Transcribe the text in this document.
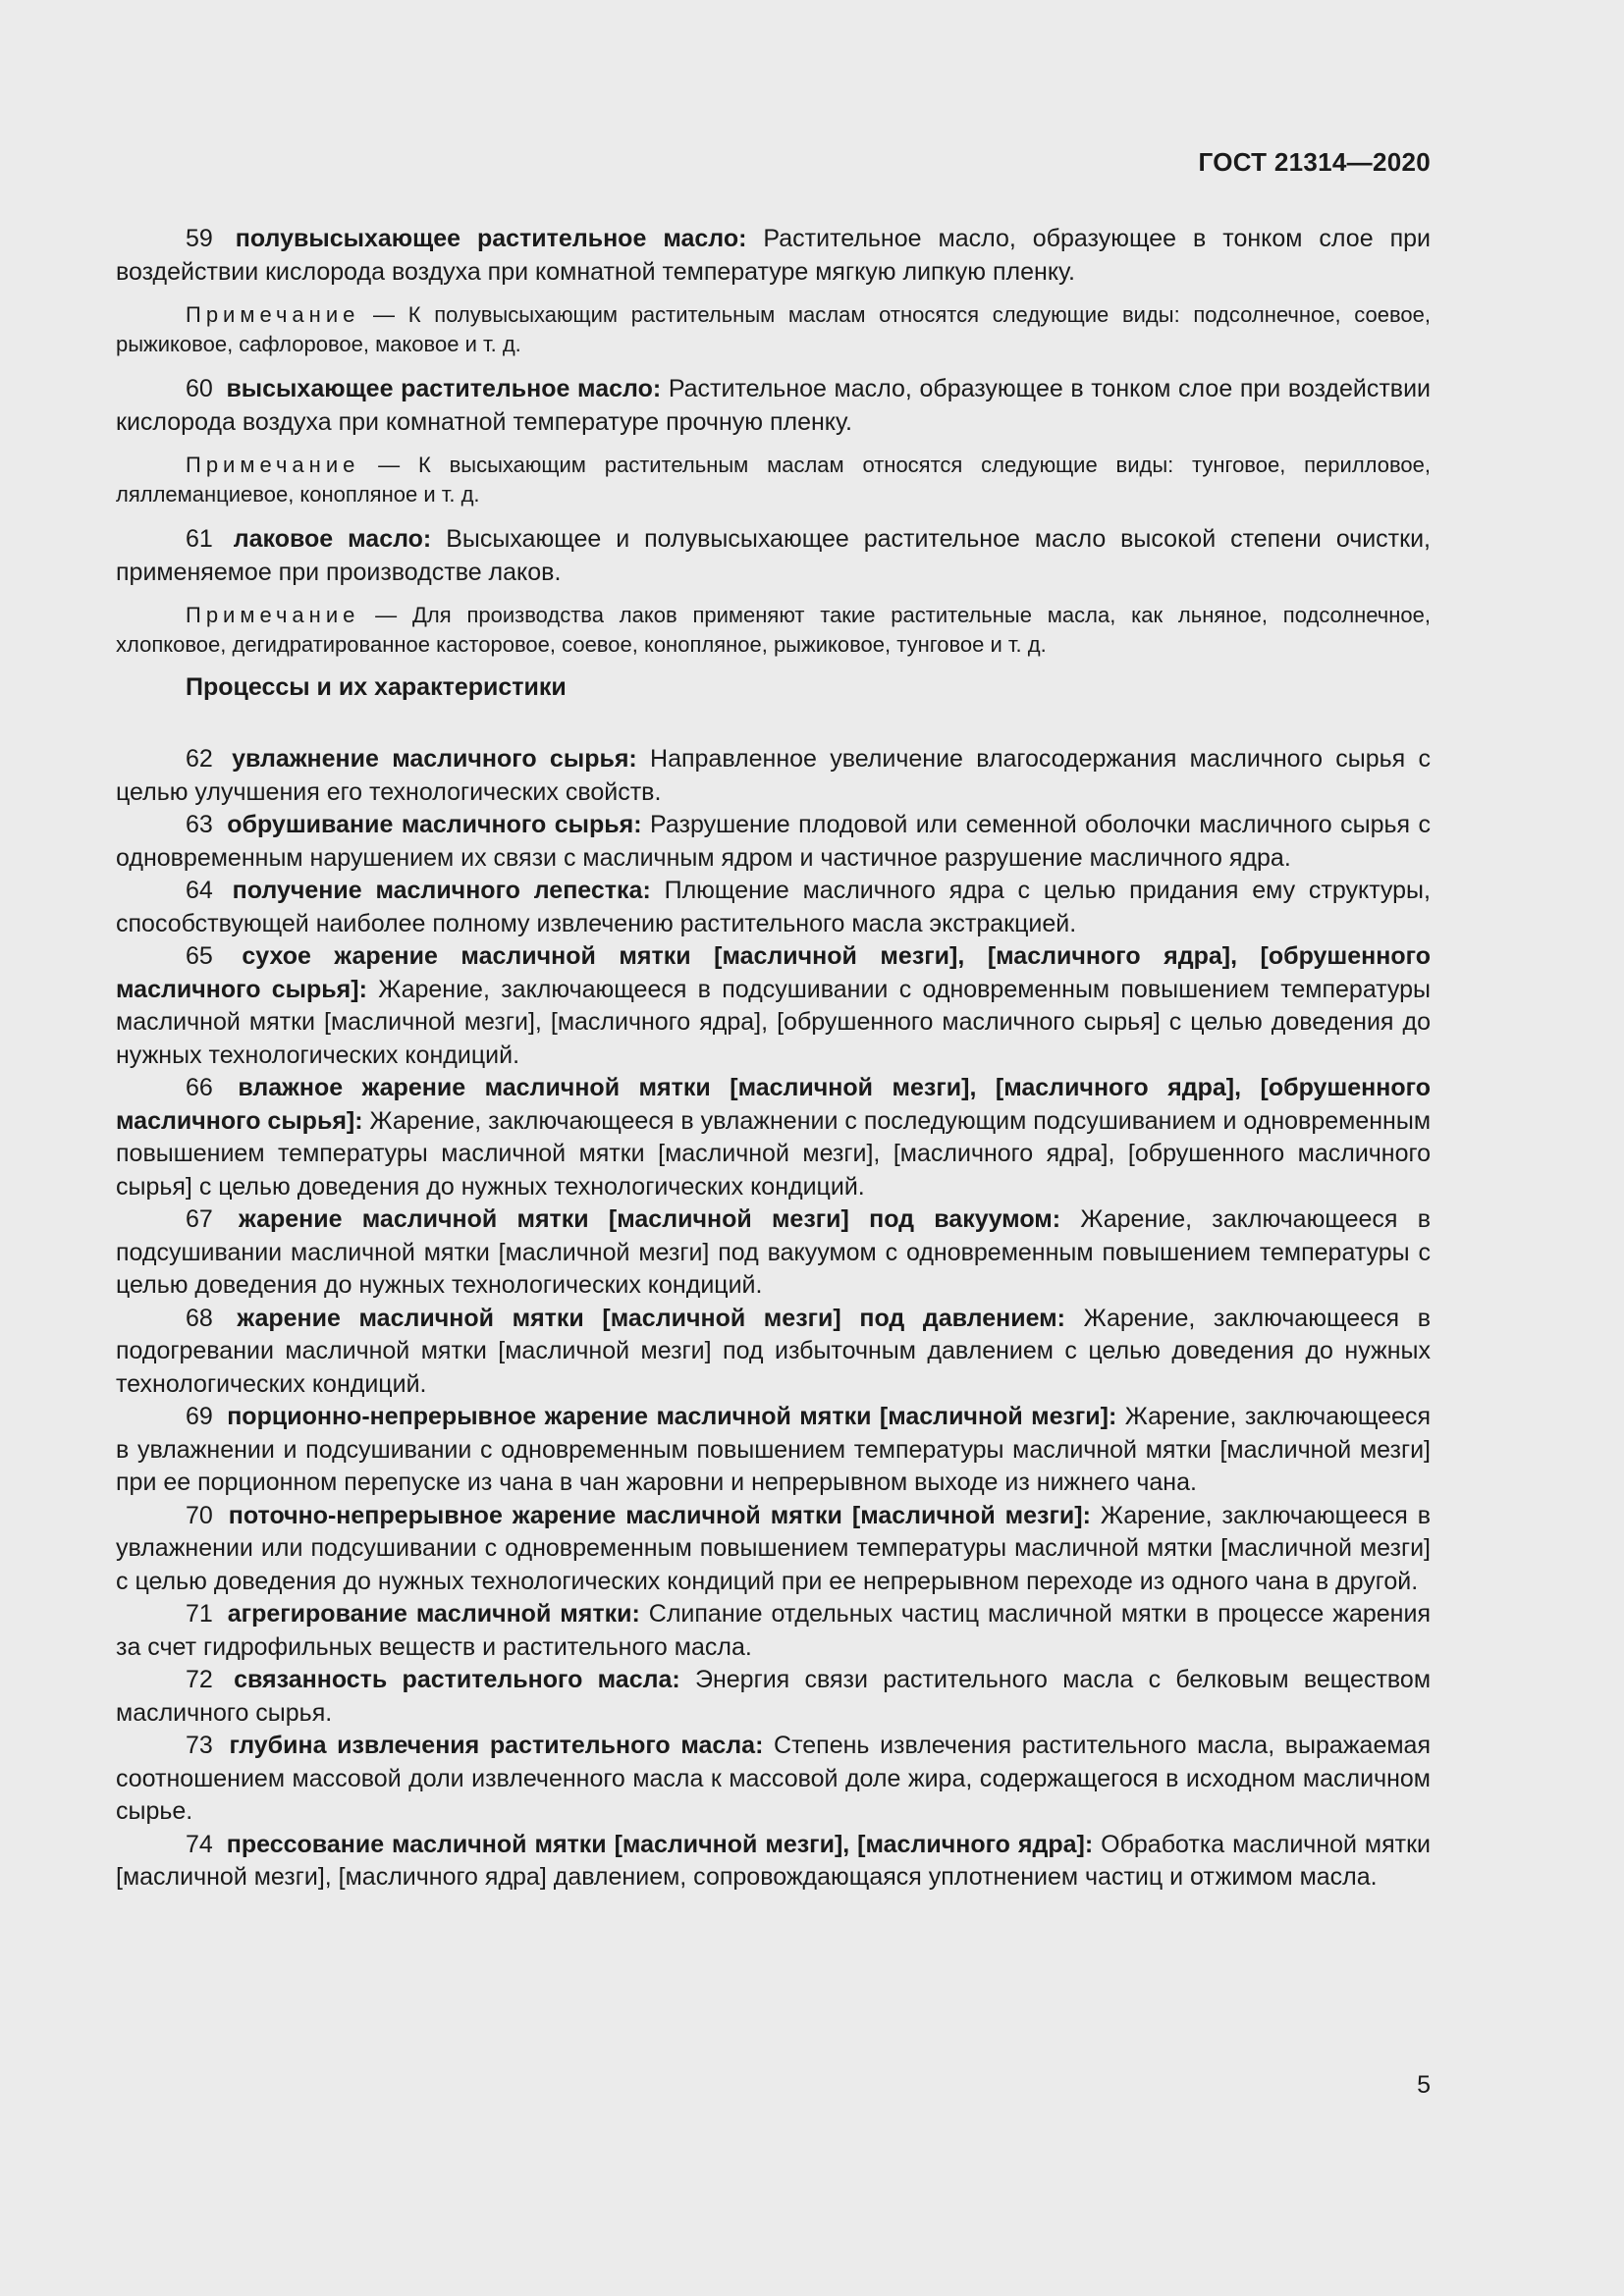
ГОСТ 21314—2020

59 полувысыхающее растительное масло: Растительное масло, образующее в тонком слое при воздействии кислорода воздуха при комнатной температуре мягкую липкую пленку.

Примечание — К полувысыхающим растительным маслам относятся следующие виды: подсолнечное, соевое, рыжиковое, сафлоровое, маковое и т. д.

60 высыхающее растительное масло: Растительное масло, образующее в тонком слое при воздействии кислорода воздуха при комнатной температуре прочную пленку.

Примечание — К высыхающим растительным маслам относятся следующие виды: тунговое, перилловое, ляллеманциевое, конопляное и т. д.

61 лаковое масло: Высыхающее и полувысыхающее растительное масло высокой степени очистки, применяемое при производстве лаков.

Примечание — Для производства лаков применяют такие растительные масла, как льняное, подсолнечное, хлопковое, дегидратированное касторовое, соевое, конопляное, рыжиковое, тунговое и т. д.

Процессы и их характеристики

62 увлажнение масличного сырья: Направленное увеличение влагосодержания масличного сырья с целью улучшения его технологических свойств.

63 обрушивание масличного сырья: Разрушение плодовой или семенной оболочки масличного сырья с одновременным нарушением их связи с масличным ядром и частичное разрушение масличного ядра.

64 получение масличного лепестка: Плющение масличного ядра с целью придания ему структуры, способствующей наиболее полному извлечению растительного масла экстракцией.

65 сухое жарение масличной мятки [масличной мезги], [масличного ядра], [обрушенного масличного сырья]: Жарение, заключающееся в подсушивании с одновременным повышением температуры масличной мятки [масличной мезги], [масличного ядра], [обрушенного масличного сырья] с целью доведения до нужных технологических кондиций.

66 влажное жарение масличной мятки [масличной мезги], [масличного ядра], [обрушенного масличного сырья]: Жарение, заключающееся в увлажнении с последующим подсушиванием и одновременным повышением температуры масличной мятки [масличной мезги], [масличного ядра], [обрушенного масличного сырья] с целью доведения до нужных технологических кондиций.

67 жарение масличной мятки [масличной мезги] под вакуумом: Жарение, заключающееся в подсушивании масличной мятки [масличной мезги] под вакуумом с одновременным повышением температуры с целью доведения до нужных технологических кондиций.

68 жарение масличной мятки [масличной мезги] под давлением: Жарение, заключающееся в подогревании масличной мятки [масличной мезги] под избыточным давлением с целью доведения до нужных технологических кондиций.

69 порционно-непрерывное жарение масличной мятки [масличной мезги]: Жарение, заключающееся в увлажнении и подсушивании с одновременным повышением температуры масличной мятки [масличной мезги] при ее порционном перепуске из чана в чан жаровни и непрерывном выходе из нижнего чана.

70 поточно-непрерывное жарение масличной мятки [масличной мезги]: Жарение, заключающееся в увлажнении или подсушивании с одновременным повышением температуры масличной мятки [масличной мезги] с целью доведения до нужных технологических кондиций при ее непрерывном переходе из одного чана в другой.

71 агрегирование масличной мятки: Слипание отдельных частиц масличной мятки в процессе жарения за счет гидрофильных веществ и растительного масла.

72 связанность растительного масла: Энергия связи растительного масла с белковым веществом масличного сырья.

73 глубина извлечения растительного масла: Степень извлечения растительного масла, выражаемая соотношением массовой доли извлеченного масла к массовой доле жира, содержащегося в исходном масличном сырье.

74 прессование масличной мятки [масличной мезги], [масличного ядра]: Обработка масличной мятки [масличной мезги], [масличного ядра] давлением, сопровождающаяся уплотнением частиц и отжимом масла.

5
